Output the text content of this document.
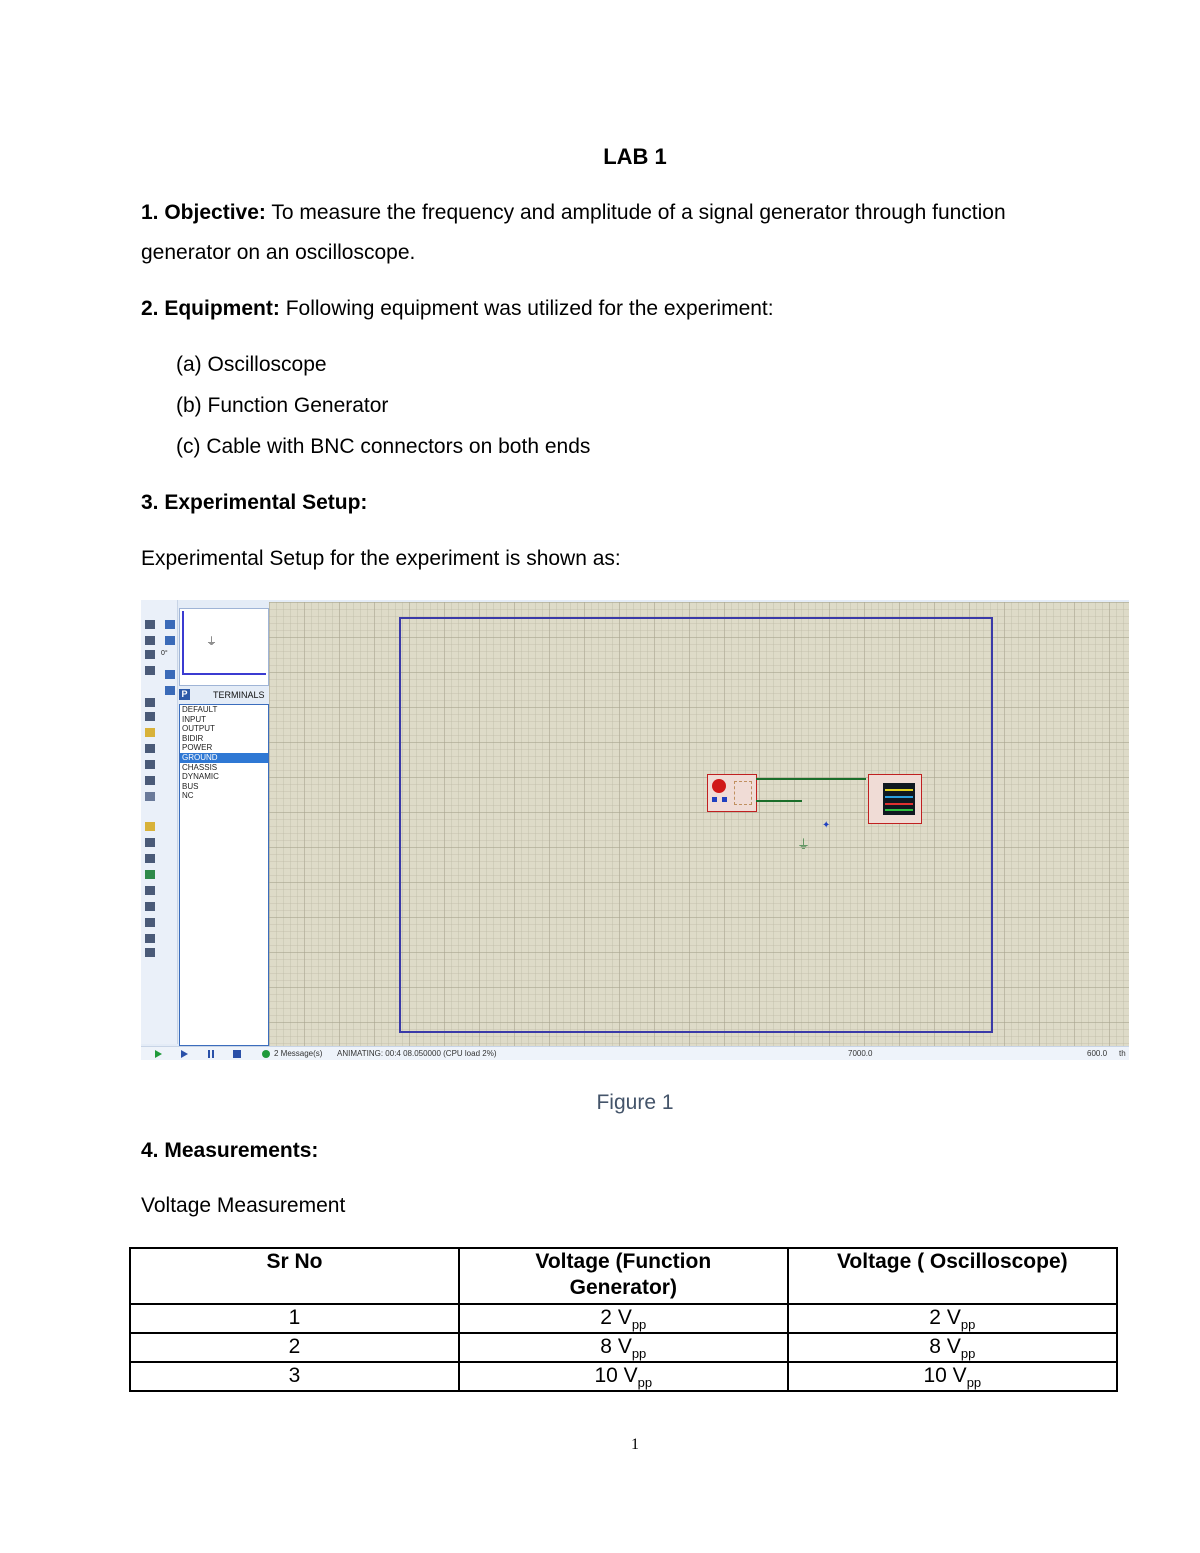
LAB 1
1. Objective: To measure the frequency and amplitude of a signal generator through function
generator on an oscilloscope.
2. Equipment: Following equipment was utilized for the experiment:
(a) Oscilloscope
(b) Function Generator
(c) Cable with BNC connectors on both ends
3. Experimental Setup:
Experimental Setup for the experiment is shown as:
0°
⏚
P	TERMINALS
DEFAULT
INPUT
OUTPUT
BIDIR
POWER
GROUND
CHASSIS
DYNAMIC
BUS
NC
⏚
✦
2 Message(s) ANIMATING: 00:4 08.050000 (CPU load 2%)	7000.0	600.0 th
Figure 1
4. Measurements:
Voltage Measurement
Sr No	Voltage (Function Generator)	Voltage ( Oscilloscope)
1	2 $V_{pp}$	2 $V_{pp}$
2	8 $V_{pp}$	8 $V_{pp}$
3	10 $V_{pp}$	10 $V_{pp}$
1
